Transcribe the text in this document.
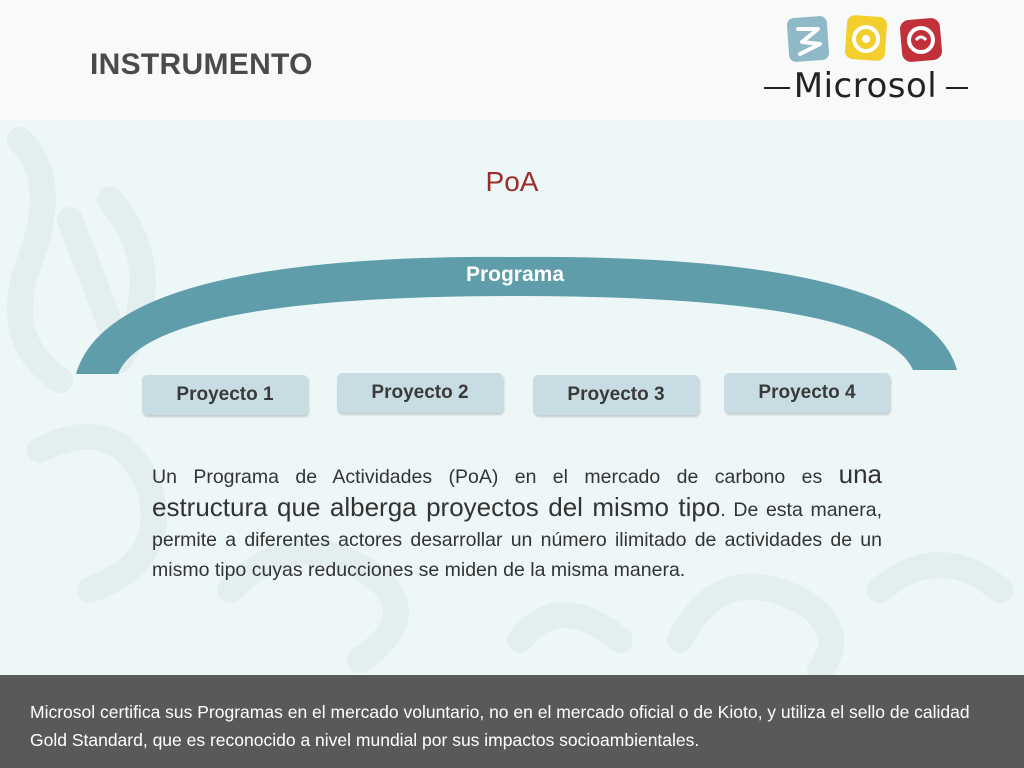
INSTRUMENTO
Microsol
PoA
Programa
Proyecto 1	Proyecto 2	Proyecto 3	Proyecto 4
Un Programa de Actividades (PoA) en el mercado de carbono es una estructura que alberga proyectos del mismo tipo. De esta manera, permite a diferentes actores desarrollar un número ilimitado de actividades de un mismo tipo cuyas reducciones se miden de la misma manera.
Microsol certifica sus Programas en el mercado voluntario, no en el mercado oficial o de Kioto, y utiliza el sello de calidad Gold Standard, que es reconocido a nivel mundial por sus impactos socioambientales.
